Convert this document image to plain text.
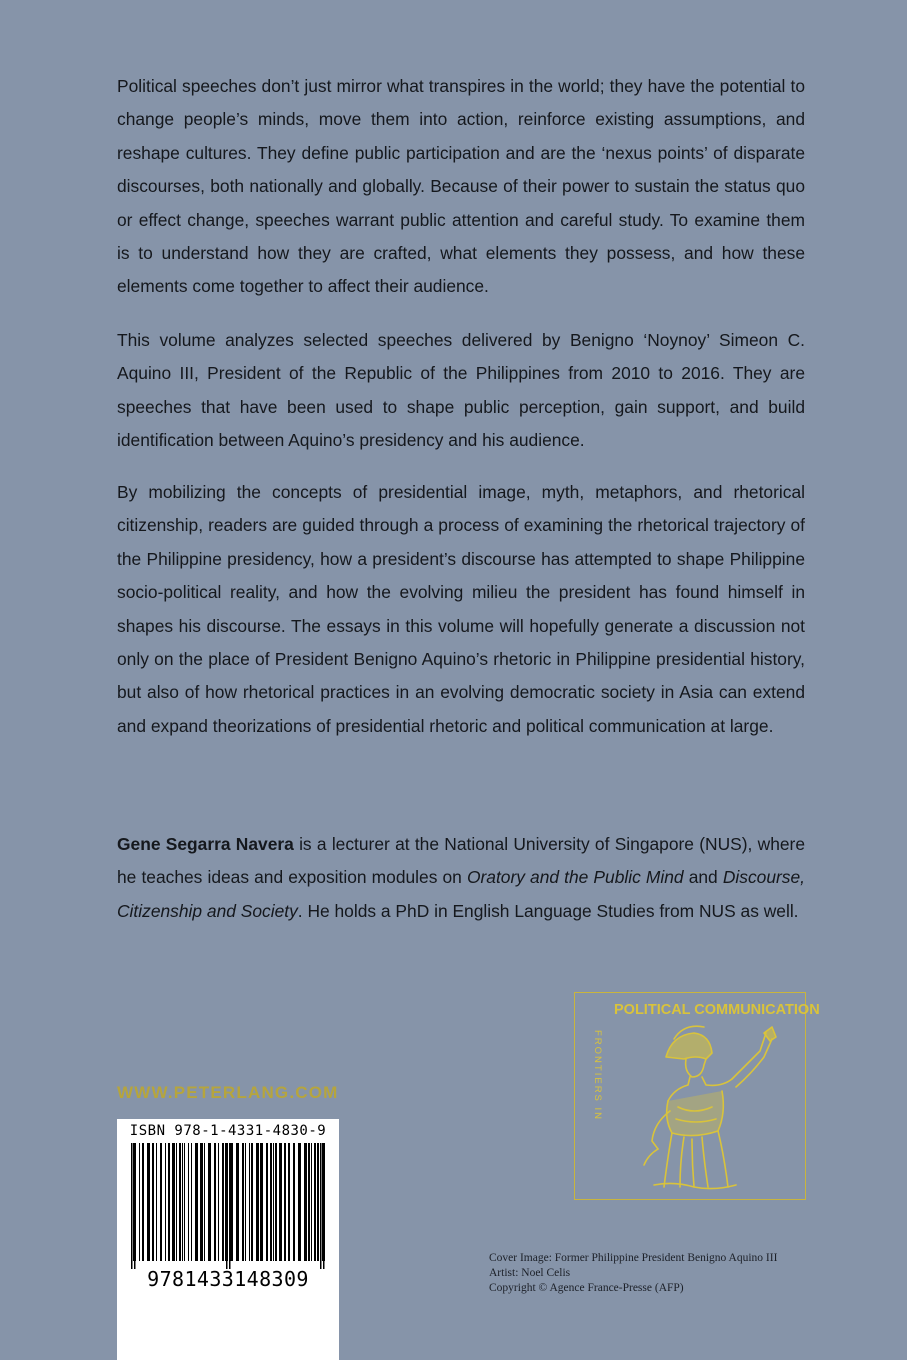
Political speeches don’t just mirror what transpires in the world; they have the potential to change people’s minds, move them into action, reinforce existing assumptions, and reshape cultures. They define public participation and are the ‘nexus points’ of disparate discourses, both nationally and globally. Because of their power to sustain the status quo or effect change, speeches warrant public attention and careful study. To examine them is to understand how they are crafted, what elements they possess, and how these elements come together to affect their audience.

This volume analyzes selected speeches delivered by Benigno ‘Noynoy’ Simeon C. Aquino III, President of the Republic of the Philippines from 2010 to 2016. They are speeches that have been used to shape public perception, gain support, and build identification between Aquino’s presidency and his audience.

By mobilizing the concepts of presidential image, myth, metaphors, and rhetorical citizenship, readers are guided through a process of examining the rhetorical trajectory of the Philippine presidency, how a president’s discourse has attempted to shape Philippine socio-political reality, and how the evolving milieu the president has found himself in shapes his discourse. The essays in this volume will hopefully generate a discussion not only on the place of President Benigno Aquino’s rhetoric in Philippine presidential history, but also of how rhetorical practices in an evolving democratic society in Asia can extend and expand theorizations of presidential rhetoric and political communication at large.

Gene Segarra Navera is a lecturer at the National University of Singapore (NUS), where he teaches ideas and exposition modules on Oratory and the Public Mind and Discourse, Citizenship and Society. He holds a PhD in English Language Studies from NUS as well.

WWW.PETERLANG.COM

ISBN 978-1-4331-4830-9
9781433148309

POLITICAL COMMUNICATION

FRONTIERS IN
Cover Image: Former Philippine President Benigno Aquino III
Artist: Noel Celis
Copyright © Agence France-Presse (AFP)
